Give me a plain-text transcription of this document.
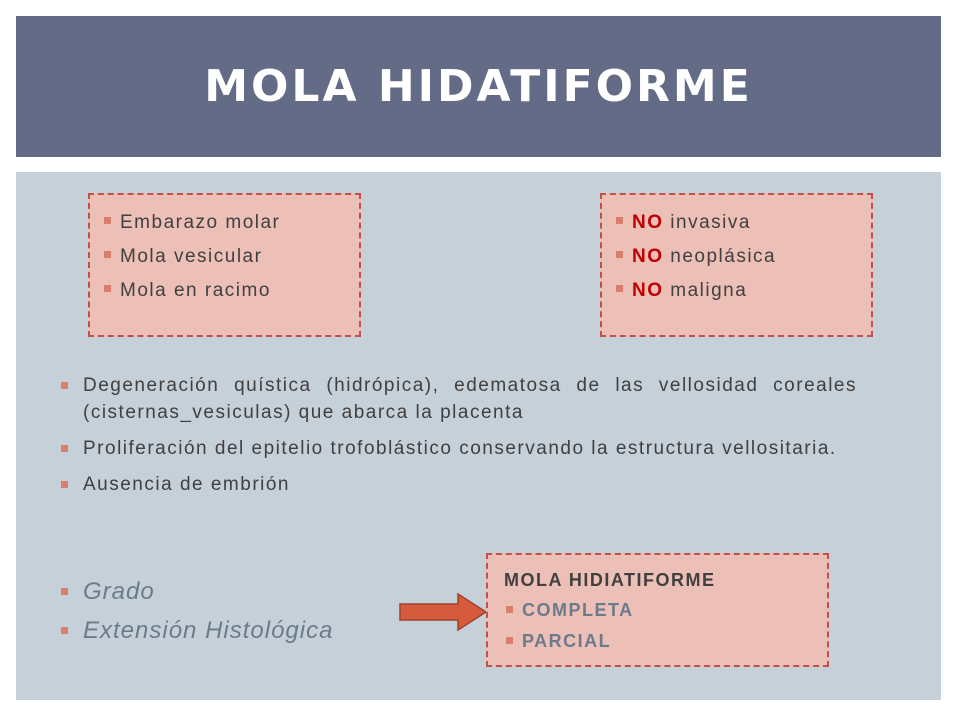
MOLA HIDATIFORME
Embarazo molar
Mola vesicular
Mola en racimo
NO invasiva
NO neoplásica
NO maligna
Degeneración quística (hidrópica), edematosa de las vellosidad coreales (cisternas_vesiculas) que abarca la placenta
Proliferación del epitelio trofoblástico conservando la estructura vellositaria.
Ausencia de embrión
Grado
Extensión Histológica
MOLA HIDIATIFORME
COMPLETA
PARCIAL
